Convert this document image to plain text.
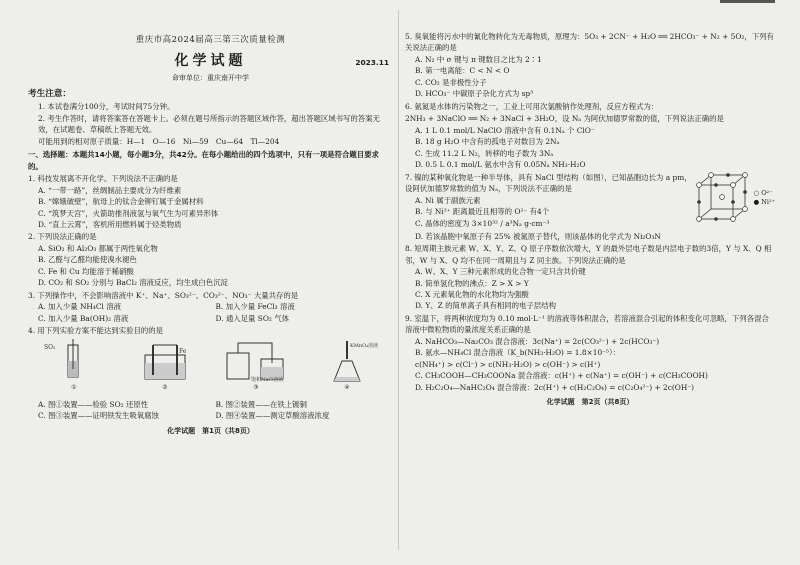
重庆市高2024届高三第三次质量检测
化学试题	2023.11
命审单位：重庆南开中学
考生注意：
1. 本试卷满分100分，考试时间75分钟。
2. 考生作答时，请将答案答在答题卡上。必须在题号所指示的答题区域作答，超出答题区域书写的答案无效，在试题卷、草稿纸上答题无效。
可能用到的相对原子质量：H—1　O—16　Ni—59　Cu—64　Tl—204
一、选择题：本题共14小题，每小题3分，共42分。在每小题给出的四个选项中，只有一项是符合题目要求的。
1. 科技发展离不开化学。下列说法不正确的是
A. “一带一路”，丝绸制品主要成分为纤维素
B. “嫦娥破壁”，航母上的钛合金铆钉属于金属材料
C. “筑梦天宫”，火箭助推剂液氢与氧气生为可素异形体
D. “直上云霄”，客机所用燃料属于烃类物质
2. 下列说法正确的是
A. SiO₂ 和 Al₂O₃ 都属于两性氧化物
B. 乙醛与乙醛均能使溴水褪色
C. Fe 和 Cu 均能溶于稀硝酸
D. CO₂ 和 SO₂ 分别与 BaCl₂ 溶液反应，均生成白色沉淀
3. 下列操作中，不会影响溶液中 K⁺、Na⁺、SO₃²⁻、CO₃²⁻、NO₃⁻ 大量共存的是
A. 加入少量 NH₄Cl 溶液	B. 加入少量 FeCl₃ 溶液
C. 加入少量 Ba(OH)₂ 溶液	D. 通入足量 SO₂ 气体
4. 用下列实验方案不能达到实验目的的是
SO₂
①
Fe
②
饱和NaCl溶液
③
KMnO₄溶液
④
A. 图①装置——检验 SO₂ 还原性	B. 图②装置——在铁上镀铜
C. 图③装置——证明铁发生吸氧腐蚀	D. 图④装置——测定草酸溶液浓度
化学试题　第1页（共8页）
5. 臭氧能将污水中的氰化物转化为无毒物质，原理为：5O₃ + 2CN⁻ + H₂O ══ 2HCO₃⁻ + N₂ + 5O₂，下列有关说法正确的是
A. N₂ 中 σ 键与 π 键数目之比为 2∶1
B. 第一电离能：C < N < O
C. CO₂ 是非极性分子
D. HCO₃⁻ 中碳原子杂化方式为 sp³
6. 氨氮是水体的污染物之一，工业上可用次氯酸钠作处理剂，反应方程式为：
2NH₃ + 3NaClO ══ N₂ + 3NaCl + 3H₂O，设 Nₐ 为阿伏加德罗常数的值，下列说法正确的是
A. 1 L 0.1 mol/L NaClO 溶液中含有 0.1Nₐ 个 ClO⁻
B. 18 g H₂O 中含有的孤电子对数目为 2Nₐ
C. 生成 11.2 L N₂，转移的电子数为 3Nₐ
D. 0.5 L 0.1 mol/L 氨水中含有 0.05Nₐ NH₃·H₂O
7. 镍的某种氧化物是一种半导体，具有 NaCl 型结构（如图），已知晶胞边长为 a pm，设阿伏加德罗常数的值为 Nₐ，下列说法不正确的是
A. Ni 属于副族元素
B. 与 Ni²⁺ 距离最近且相等的 O²⁻ 有4个
C. 晶体的密度为 3×10³² / a³Nₐ g·cm⁻³
○ O²⁻
● Ni²⁺
D. 若该晶胞中氧原子有 25% 被氮原子替代，则该晶体的化学式为 Ni₂O₃N
8. 短周期主族元素 W、X、Y、Z、Q 原子序数依次增大，Y 的最外层电子数是内层电子数的3倍，Y 与 X、Q 相邻，W 与 X、Q 均不在同一周期且与 Z 同主族。下列说法正确的是
A. W、X、Y 三种元素形成的化合物一定只含共价键
B. 简单氢化物的沸点：Z > X > Y
C. X 元素氧化物的水化物均为强酸
D. Y、Z 的简单离子具有相同的电子层结构
9. 室温下，将两种浓度均为 0.10 mol·L⁻¹ 的溶液等体积混合，若溶液混合引起的体积变化可忽略，下列各混合溶液中微粒物质的量浓度关系正确的是
A. NaHCO₃—Na₂CO₃ 混合溶液：3c(Na⁺) = 2c(CO₃²⁻) + 2c(HCO₃⁻)
B. 氨水—NH₄Cl 混合溶液（K_b(NH₃·H₂O) = 1.8×10⁻⁵）：
c(NH₄⁺) > c(Cl⁻) > c(NH₃·H₂O) > c(OH⁻) > c(H⁺)
C. CH₃COOH—CH₃COONa 混合溶液：c(H⁺) + c(Na⁺) = c(OH⁻) + c(CH₃COOH)
D. H₂C₂O₄—NaHC₂O₄ 混合溶液：2c(H⁺) + c(H₂C₂O₄) = c(C₂O₄²⁻) + 2c(OH⁻)
化学试题　第2页（共8页）
